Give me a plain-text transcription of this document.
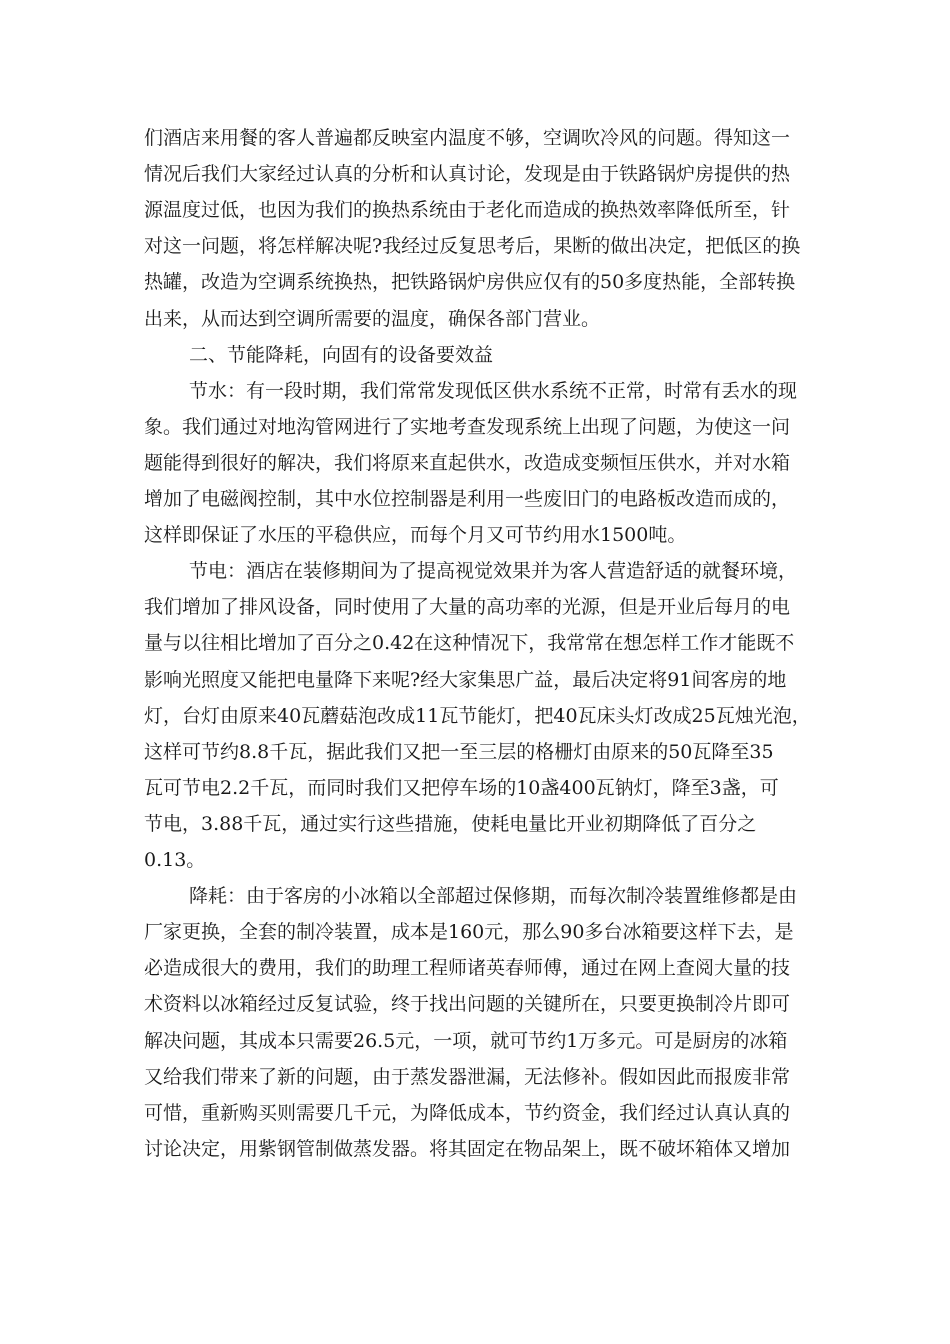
们酒店来用餐的客人普遍都反映室内温度不够，空调吹冷风的问题。得知这一
情况后我们大家经过认真的分析和认真讨论，发现是由于铁路锅炉房提供的热
源温度过低，也因为我们的换热系统由于老化而造成的换热效率降低所至，针
对这一问题，将怎样解决呢?我经过反复思考后，果断的做出决定，把低区的换
热罐，改造为空调系统换热，把铁路锅炉房供应仅有的50多度热能，全部转换
出来，从而达到空调所需要的温度，确保各部门营业。
二、节能降耗，向固有的设备要效益
节水：有一段时期，我们常常发现低区供水系统不正常，时常有丢水的现
象。我们通过对地沟管网进行了实地考查发现系统上出现了问题，为使这一问
题能得到很好的解决，我们将原来直起供水，改造成变频恒压供水，并对水箱
增加了电磁阀控制，其中水位控制器是利用一些废旧门的电路板改造而成的，
这样即保证了水压的平稳供应，而每个月又可节约用水1500吨。
节电：酒店在装修期间为了提高视觉效果并为客人营造舒适的就餐环境，
我们增加了排风设备，同时使用了大量的高功率的光源，但是开业后每月的电
量与以往相比增加了百分之0.42在这种情况下，我常常在想怎样工作才能既不
影响光照度又能把电量降下来呢?经大家集思广益，最后决定将91间客房的地
灯，台灯由原来40瓦蘑菇泡改成11瓦节能灯，把40瓦床头灯改成25瓦烛光泡，
这样可节约8.8千瓦，据此我们又把一至三层的格栅灯由原来的50瓦降至35
瓦可节电2.2千瓦，而同时我们又把停车场的10盏400瓦钠灯，降至3盏，可
节电，3.88千瓦，通过实行这些措施，使耗电量比开业初期降低了百分之
0.13。
降耗：由于客房的小冰箱以全部超过保修期，而每次制冷装置维修都是由
厂家更换，全套的制冷装置，成本是160元，那么90多台冰箱要这样下去，是
必造成很大的费用，我们的助理工程师诸英春师傅，通过在网上查阅大量的技
术资料以冰箱经过反复试验，终于找出问题的关键所在，只要更换制冷片即可
解决问题，其成本只需要26.5元，一项，就可节约1万多元。可是厨房的冰箱
又给我们带来了新的问题，由于蒸发器泄漏，无法修补。假如因此而报废非常
可惜，重新购买则需要几千元，为降低成本，节约资金，我们经过认真认真的
讨论决定，用紫钢管制做蒸发器。将其固定在物品架上，既不破坏箱体又增加
